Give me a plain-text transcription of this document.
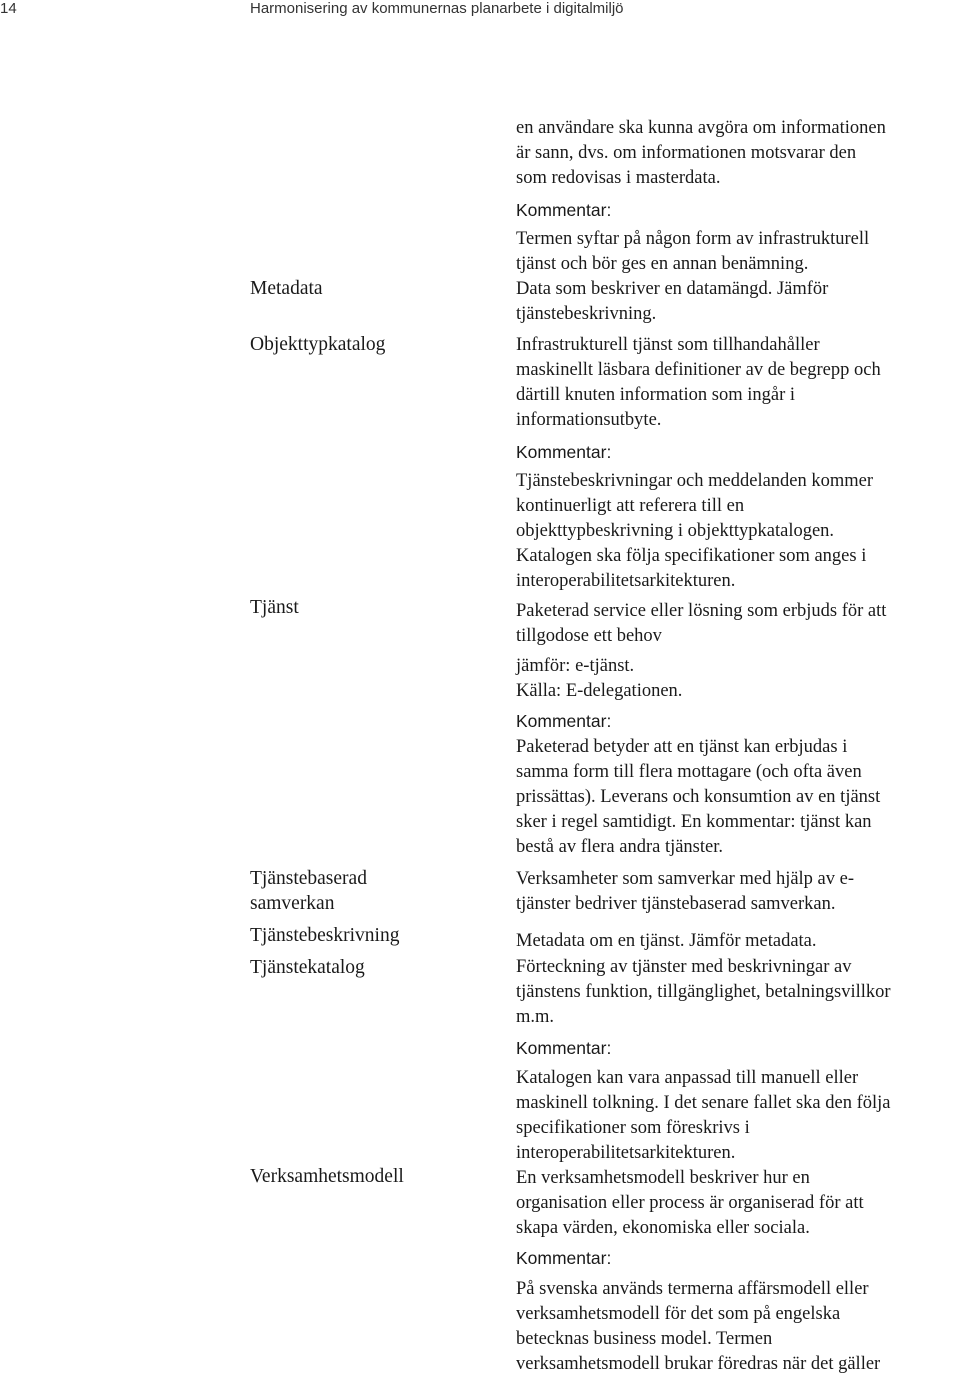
14	Harmonisering av kommunernas planarbete i digitalmiljö
Metadata
Objekttypkatalog
Tjänst
Tjänstebaserad
samverkan
Tjänstebeskrivning
Tjänstekatalog
Verksamhetsmodell
en användare ska kunna avgöra om informationen
är sann, dvs. om informationen motsvarar den
som redovisas i masterdata.
Kommentar:
Termen syftar på någon form av infrastrukturell
tjänst och bör ges en annan benämning.
Data som beskriver en datamängd. Jämför
tjänstebeskrivning.
Infrastrukturell tjänst som tillhandahåller
maskinellt läsbara definitioner av de begrepp och
därtill knuten information som ingår i
informationsutbyte.
Kommentar:
Tjänstebeskrivningar och meddelanden kommer
kontinuerligt att referera till en
objekttypbeskrivning i objekttypkatalogen.
Katalogen ska följa specifikationer som anges i
interoperabilitetsarkitekturen.
Paketerad service eller lösning som erbjuds för att
tillgodose ett behov
jämför: e-tjänst.
Källa: E-delegationen.
Kommentar:
Paketerad betyder att en tjänst kan erbjudas i
samma form till flera mottagare (och ofta även
prissättas). Leverans och konsumtion av en tjänst
sker i regel samtidigt. En kommentar: tjänst kan
bestå av flera andra tjänster.
Verksamheter som samverkar med hjälp av e-
tjänster bedriver tjänstebaserad samverkan.
Metadata om en tjänst. Jämför metadata.
Förteckning av tjänster med beskrivningar av
tjänstens funktion, tillgänglighet, betalningsvillkor
m.m.
Kommentar:
Katalogen kan vara anpassad till manuell eller
maskinell tolkning. I det senare fallet ska den följa
specifikationer som föreskrivs i
interoperabilitetsarkitekturen.
En verksamhetsmodell beskriver hur en
organisation eller process är organiserad för att
skapa värden, ekonomiska eller sociala.
Kommentar:
På svenska används termerna affärsmodell eller
verksamhetsmodell för det som på engelska
betecknas business model. Termen
verksamhetsmodell brukar föredras när det gäller
